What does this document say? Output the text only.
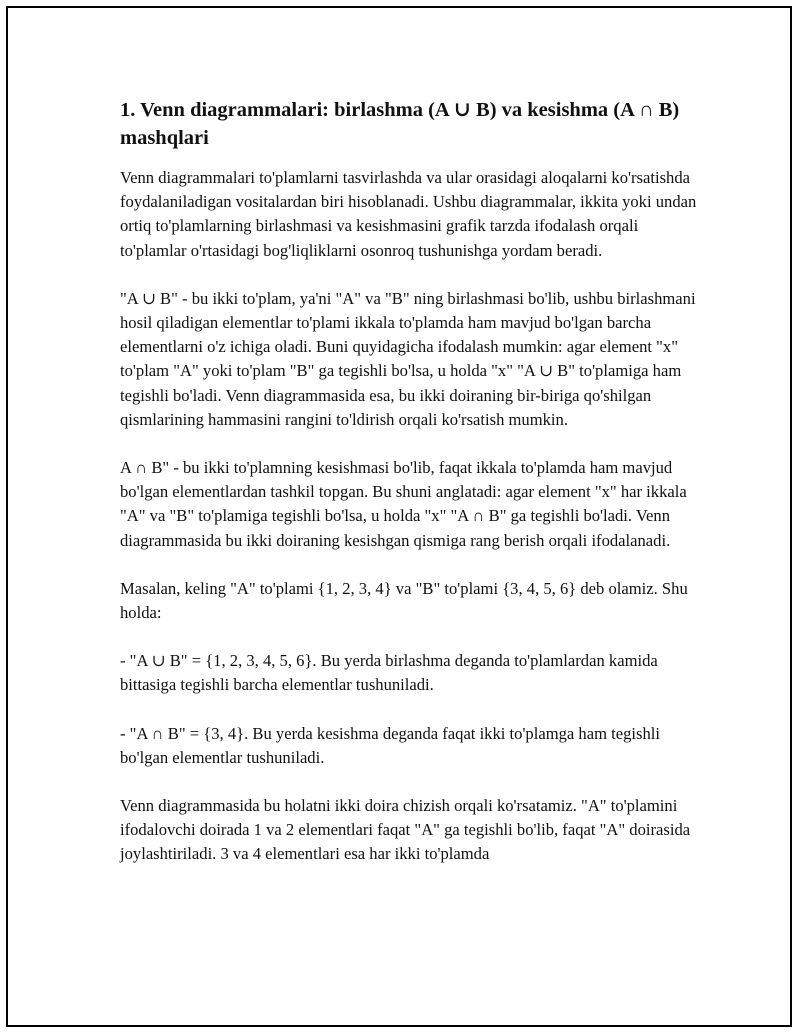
1. Venn diagrammalari: birlashma (A ∪ B) va kesishma (A ∩ B) mashqlari

Venn diagrammalari to'plamlarni tasvirlashda va ular orasidagi aloqalarni ko'rsatishda foydalaniladigan vositalardan biri hisoblanadi. Ushbu diagrammalar, ikkita yoki undan ortiq to'plamlarning birlashmasi va kesishmasini grafik tarzda ifodalash orqali to'plamlar o'rtasidagi bog'liqliklarni osonroq tushunishga yordam beradi.

"A ∪ B" - bu ikki to'plam, ya'ni "A" va "B" ning birlashmasi bo'lib, ushbu birlashmani hosil qiladigan elementlar to'plami ikkala to'plamda ham mavjud bo'lgan barcha elementlarni o'z ichiga oladi. Buni quyidagicha ifodalash mumkin: agar element "x" to'plam "A" yoki to'plam "B" ga tegishli bo'lsa, u holda "x" "A ∪ B" to'plamiga ham tegishli bo'ladi. Venn diagrammasida esa, bu ikki doiraning bir-biriga qo'shilgan qismlarining hammasini rangini to'ldirish orqali ko'rsatish mumkin.

A ∩ B" - bu ikki to'plamning kesishmasi bo'lib, faqat ikkala to'plamda ham mavjud bo'lgan elementlardan tashkil topgan. Bu shuni anglatadi: agar element "x" har ikkala "A" va "B" to'plamiga tegishli bo'lsa, u holda "x" "A ∩ B" ga tegishli bo'ladi. Venn diagrammasida bu ikki doiraning kesishgan qismiga rang berish orqali ifodalanadi.

Masalan, keling "A" to'plami {1, 2, 3, 4} va "B" to'plami {3, 4, 5, 6} deb olamiz. Shu holda:

- "A ∪ B" = {1, 2, 3, 4, 5, 6}. Bu yerda birlashma deganda to'plamlardan kamida bittasiga tegishli barcha elementlar tushuniladi.

- "A ∩ B" = {3, 4}. Bu yerda kesishma deganda faqat ikki to'plamga ham tegishli bo'lgan elementlar tushuniladi.

Venn diagrammasida bu holatni ikki doira chizish orqali ko'rsatamiz. "A" to'plamini ifodalovchi doirada 1 va 2 elementlari faqat "A" ga tegishli bo'lib, faqat "A" doirasida joylashtiriladi. 3 va 4 elementlari esa har ikki to'plamda
